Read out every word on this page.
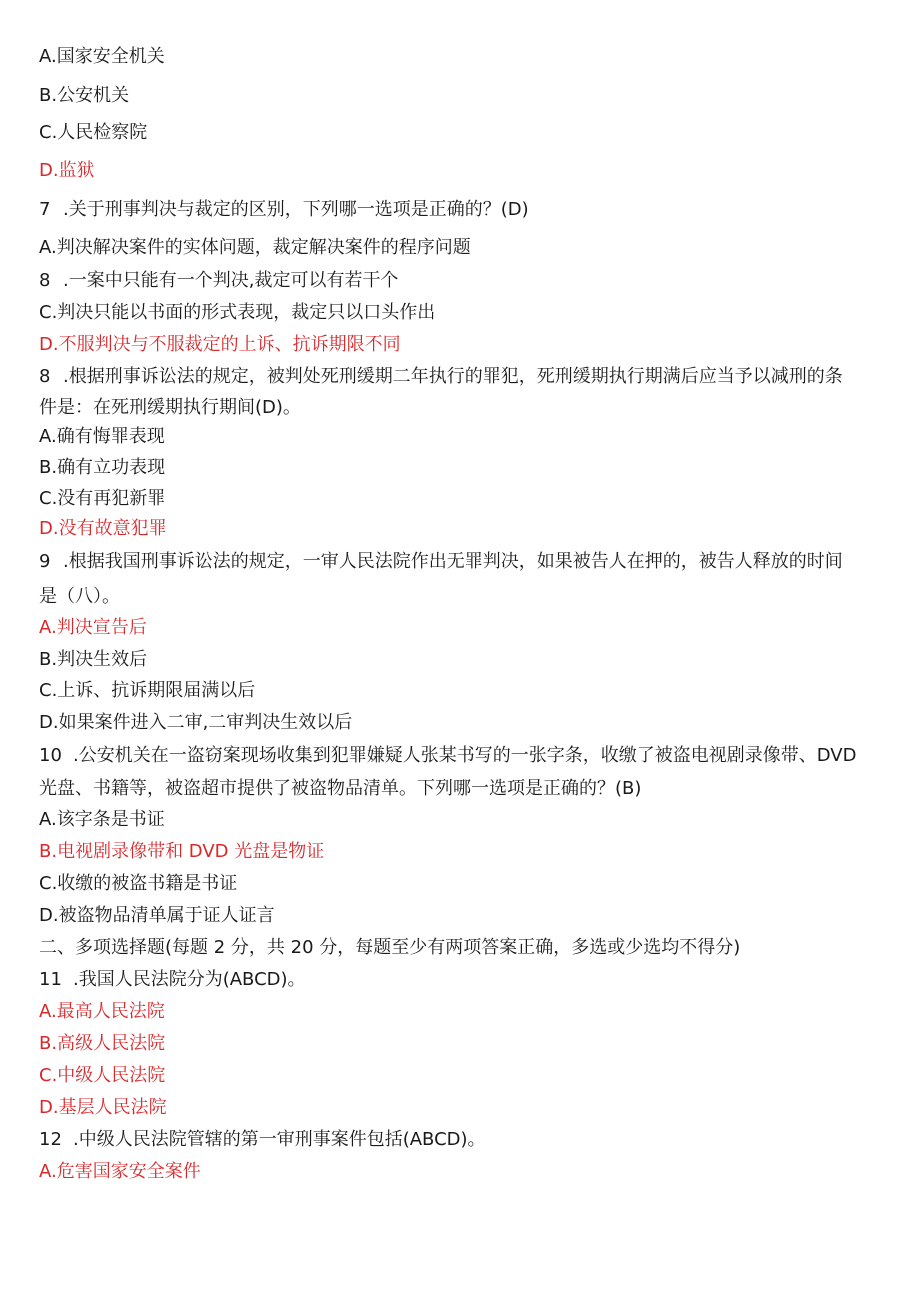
A.国家安全机关
B.公安机关
C.人民检察院
D.监狱
7 .关于刑事判决与裁定的区别，下列哪一选项是正确的？(D)
A.判决解决案件的实体问题，裁定解决案件的程序问题
8 .一案中只能有一个判决,裁定可以有若干个
C.判决只能以书面的形式表现，裁定只以口头作出
D.不服判决与不服裁定的上诉、抗诉期限不同
8 .根据刑事诉讼法的规定，被判处死刑缓期二年执行的罪犯，死刑缓期执行期满后应当予以减刑的条
件是：在死刑缓期执行期间(D)。
A.确有悔罪表现
B.确有立功表现
C.没有再犯新罪
D.没有故意犯罪
9 .根据我国刑事诉讼法的规定，一审人民法院作出无罪判决，如果被告人在押的，被告人释放的时间
是（八）。
A.判决宣告后
B.判决生效后
C.上诉、抗诉期限届满以后
D.如果案件进入二审,二审判决生效以后
10 .公安机关在一盗窃案现场收集到犯罪嫌疑人张某书写的一张字条，收缴了被盗电视剧录像带、DVD
光盘、书籍等，被盗超市提供了被盗物品清单。下列哪一选项是正确的？(B)
A.该字条是书证
B.电视剧录像带和 DVD 光盘是物证
C.收缴的被盗书籍是书证
D.被盗物品清单属于证人证言
二、多项选择题(每题 2 分，共 20 分，每题至少有两项答案正确，多选或少选均不得分)
11 .我国人民法院分为(ABCD)。
A.最高人民法院
B.高级人民法院
C.中级人民法院
D.基层人民法院
12 .中级人民法院管辖的第一审刑事案件包括(ABCD)。
A.危害国家安全案件
